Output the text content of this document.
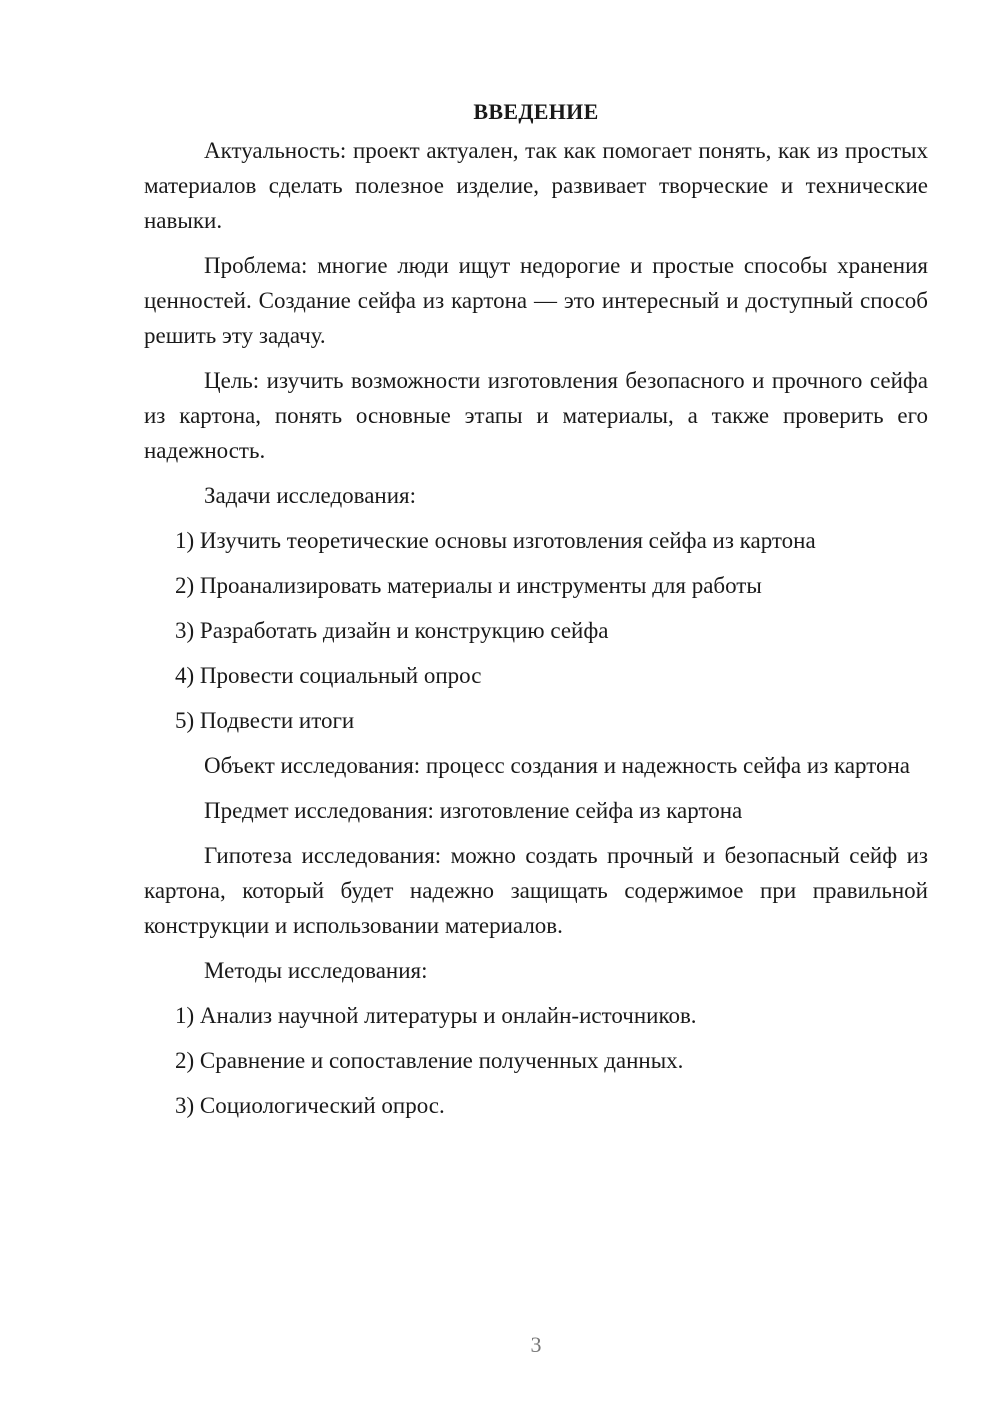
ВВЕДЕНИЕ

Актуальность: проект актуален, так как помогает понять, как из простых материалов сделать полезное изделие, развивает творческие и технические навыки.

Проблема: многие люди ищут недорогие и простые способы хранения ценностей. Создание сейфа из картона — это интересный и доступный способ решить эту задачу.

Цель: изучить возможности изготовления безопасного и прочного сейфа из картона, понять основные этапы и материалы, а также проверить его надежность.

Задачи исследования:

1) Изучить теоретические основы изготовления сейфа из картона
2) Проанализировать материалы и инструменты для работы
3) Разработать дизайн и конструкцию сейфа
4) Провести социальный опрос
5) Подвести итоги

Объект исследования: процесс создания и надежность сейфа из картона

Предмет исследования: изготовление сейфа из картона

Гипотеза исследования: можно создать прочный и безопасный сейф из картона, который будет надежно защищать содержимое при правильной конструкции и использовании материалов.

Методы исследования:

1) Анализ научной литературы и онлайн-источников.
2) Сравнение и сопоставление полученных данных.
3) Социологический опрос.
3
